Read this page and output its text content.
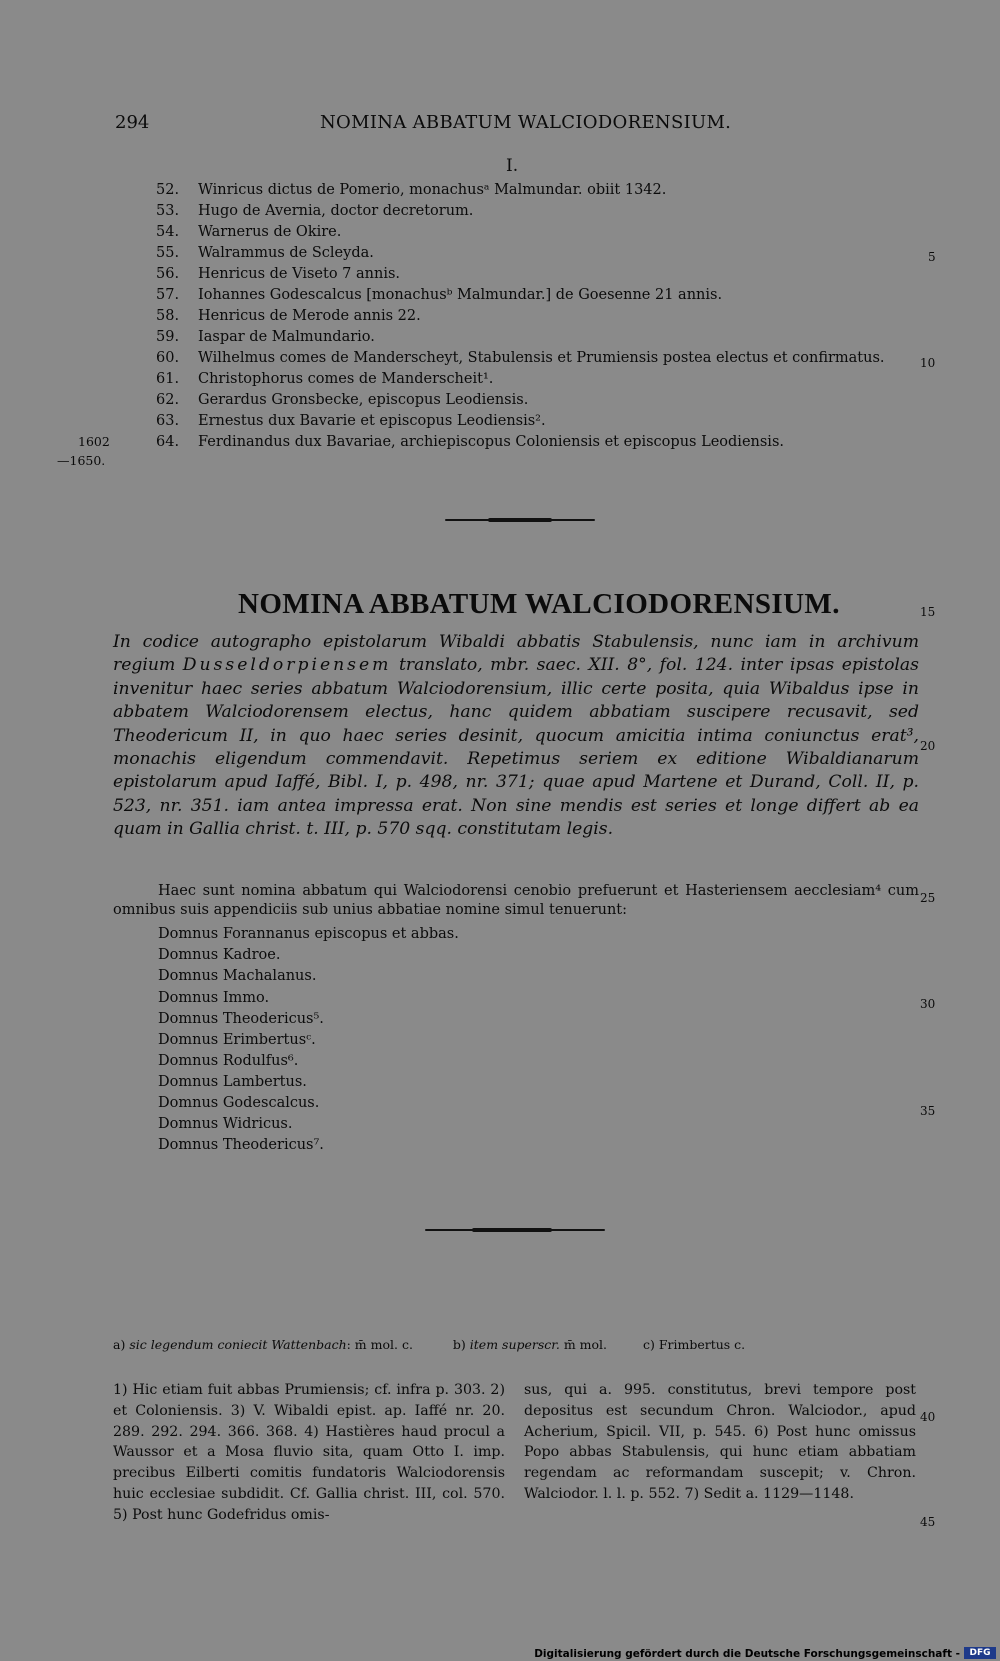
294	NOMINA ABBATUM WALCIODORENSIUM.
I.
52. Winricus dictus de Pomerio, monachusᵃ Malmundar. obiit 1342.
53. Hugo de Avernia, doctor decretorum.
54. Warnerus de Okire.
55. Walrammus de Scleyda.
56. Henricus de Viseto 7 annis.
57. Iohannes Godescalcus [monachusᵇ Malmundar.] de Goesenne 21 annis.
58. Henricus de Merode annis 22.
59. Iaspar de Malmundario.
60. Wilhelmus comes de Manderscheyt, Stabulensis et Prumiensis postea electus et confirmatus.
61. Christophorus comes de Manderscheit¹.
62. Gerardus Gronsbecke, episcopus Leodiensis.
63. Ernestus dux Bavarie et episcopus Leodiensis².
64. Ferdinandus dux Bavariae, archiepiscopus Coloniensis et episcopus Leodiensis.
1602
—1650.
5
10
15
20
25
30
35
40
45
NOMINA ABBATUM WALCIODORENSIUM.
In codice autographo epistolarum Wibaldi abbatis Stabulensis, nunc iam in archivum regium Dusseldorpiensem translato, mbr. saec. XII. 8°, fol. 124. inter ipsas epistolas invenitur haec series abbatum Walciodorensium, illic certe posita, quia Wibaldus ipse in abbatem Walciodorensem electus, hanc quidem abbatiam suscipere recusavit, sed Theodericum II, in quo haec series desinit, quocum amicitia intima coniunctus erat³, monachis eligendum commendavit. Repetimus seriem ex editione Wibaldianarum epistolarum apud Iaffé, Bibl. I, p. 498, nr. 371; quae apud Martene et Durand, Coll. II, p. 523, nr. 351. iam antea impressa erat. Non sine mendis est series et longe differt ab ea quam in Gallia christ. t. III, p. 570 sqq. constitutam legis.
Haec sunt nomina abbatum qui Walciodorensi cenobio prefuerunt et Hasteriensem aecclesiam⁴ cum omnibus suis appendiciis sub unius abbatiae nomine simul tenuerunt:
Domnus Forannanus episcopus et abbas.
Domnus Kadroe.
Domnus Machalanus.
Domnus Immo.
Domnus Theodericus⁵.
Domnus Erimbertusᶜ.
Domnus Rodulfus⁶.
Domnus Lambertus.
Domnus Godescalcus.
Domnus Widricus.
Domnus Theodericus⁷.
a) sic legendum coniecit Wattenbach: m̄ mol. c.	b) item superscr. m̄ mol.	c) Frimbertus c.
1) Hic etiam fuit abbas Prumiensis; cf. infra p. 303. 2) et Coloniensis. 3) V. Wibaldi epist. ap. Iaffé nr. 20. 289. 292. 294. 366. 368. 4) Hastières haud procul a Waussor et a Mosa fluvio sita, quam Otto I. imp. precibus Eilberti comitis fundatoris Walciodorensis huic ecclesiae subdidit. Cf. Gallia christ. III, col. 570. 5) Post hunc Godefridus omis-
sus, qui a. 995. constitutus, brevi tempore post depositus est secundum Chron. Walciodor., apud Acherium, Spicil. VII, p. 545. 6) Post hunc omissus Popo abbas Stabulensis, qui hunc etiam abbatiam regendam ac reformandam suscepit; v. Chron. Walciodor. l. l. p. 552. 7) Sedit a. 1129—1148.
Digitalisierung gefördert durch die Deutsche Forschungsgemeinschaft -	DFG
